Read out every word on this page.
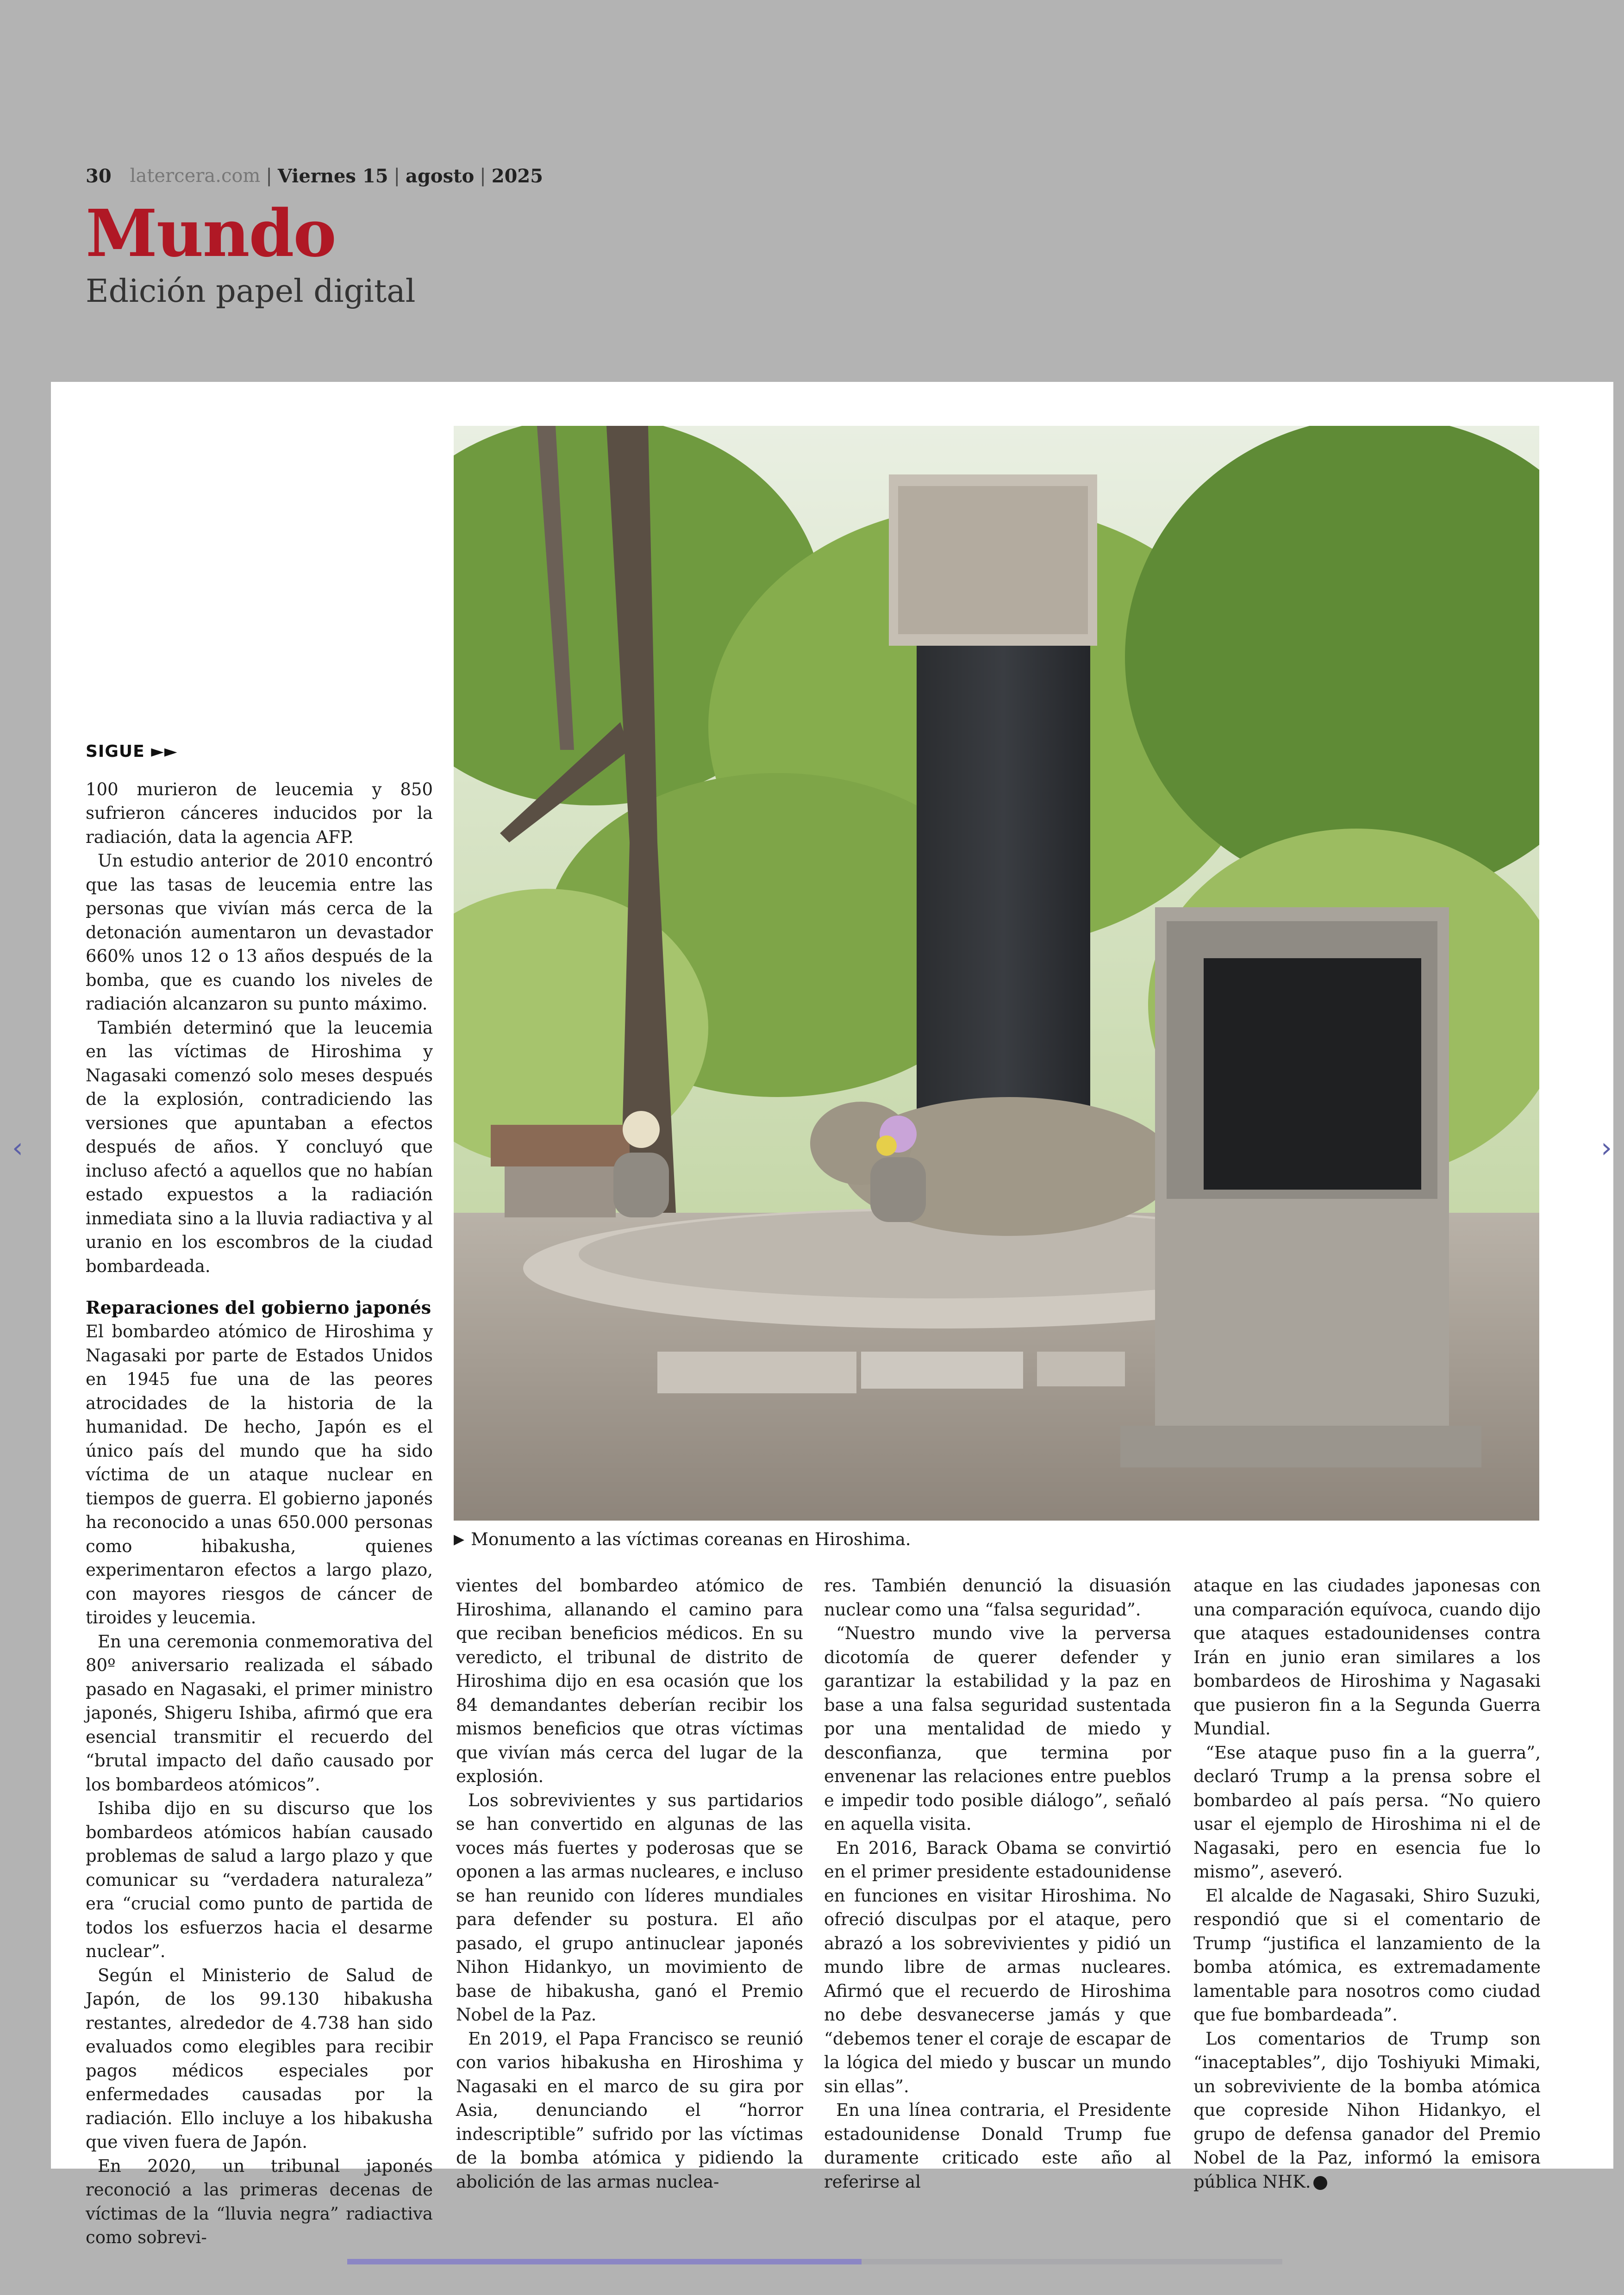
30 latercera.com | Viernes 15 | agosto | 2025
Mundo
Edición papel digital
‹	›
▶ Monumento a las víctimas coreanas en Hiroshima.
SIGUE ►►

100 murieron de leucemia y 850 sufrieron cánceres inducidos por la radiación, data la agencia AFP.

Un estudio anterior de 2010 encontró que las tasas de leucemia entre las personas que vivían más cerca de la detonación aumentaron un devastador 660% unos 12 o 13 años después de la bomba, que es cuando los niveles de radiación alcanzaron su punto máximo.

También determinó que la leucemia en las víctimas de Hiroshima y Nagasaki comenzó solo meses después de la explosión, contradiciendo las versiones que apuntaban a efectos después de años. Y concluyó que incluso afectó a aquellos que no habían estado expuestos a la radiación inmediata sino a la lluvia radiactiva y al uranio en los escombros de la ciudad bombardeada.

Reparaciones del gobierno japonés

El bombardeo atómico de Hiroshima y Nagasaki por parte de Estados Unidos en 1945 fue una de las peores atrocidades de la historia de la humanidad. De hecho, Japón es el único país del mundo que ha sido víctima de un ataque nuclear en tiempos de guerra. El gobierno japonés ha reconocido a unas 650.000 personas como hibakusha, quienes experimentaron efectos a largo plazo, con mayores riesgos de cáncer de tiroides y leucemia.

En una ceremonia conmemorativa del 80º aniversario realizada el sábado pasado en Nagasaki, el primer ministro japonés, Shigeru Ishiba, afirmó que era esencial transmitir el recuerdo del “brutal impacto del daño causado por los bombardeos atómicos”.

Ishiba dijo en su discurso que los bombardeos atómicos habían causado problemas de salud a largo plazo y que comunicar su “verdadera naturaleza” era “crucial como punto de partida de todos los esfuerzos hacia el desarme nuclear”.

Según el Ministerio de Salud de Japón, de los 99.130 hibakusha restantes, alrededor de 4.738 han sido evaluados como elegibles para recibir pagos médicos especiales por enfermedades causadas por la radiación. Ello incluye a los hibakusha que viven fuera de Japón.

En 2020, un tribunal japonés reconoció a las primeras decenas de víctimas de la “lluvia negra” radiactiva como sobrevi-

vientes del bombardeo atómico de Hiroshima, allanando el camino para que reciban beneficios médicos. En su veredicto, el tribunal de distrito de Hiroshima dijo en esa ocasión que los 84 demandantes deberían recibir los mismos beneficios que otras víctimas que vivían más cerca del lugar de la explosión.

Los sobrevivientes y sus partidarios se han convertido en algunas de las voces más fuertes y poderosas que se oponen a las armas nucleares, e incluso se han reunido con líderes mundiales para defender su postura. El año pasado, el grupo antinuclear japonés Nihon Hidankyo, un movimiento de base de hibakusha, ganó el Premio Nobel de la Paz.

En 2019, el Papa Francisco se reunió con varios hibakusha en Hiroshima y Nagasaki en el marco de su gira por Asia, denunciando el “horror indescriptible” sufrido por las víctimas de la bomba atómica y pidiendo la abolición de las armas nuclea-

res. También denunció la disuasión nuclear como una “falsa seguridad”.

“Nuestro mundo vive la perversa dicotomía de querer defender y garantizar la estabilidad y la paz en base a una falsa seguridad sustentada por una mentalidad de miedo y desconfianza, que termina por envenenar las relaciones entre pueblos e impedir todo posible diálogo”, señaló en aquella visita.

En 2016, Barack Obama se convirtió en el primer presidente estadounidense en funciones en visitar Hiroshima. No ofreció disculpas por el ataque, pero abrazó a los sobrevivientes y pidió un mundo libre de armas nucleares. Afirmó que el recuerdo de Hiroshima no debe desvanecerse jamás y que “debemos tener el coraje de escapar de la lógica del miedo y buscar un mundo sin ellas”.

En una línea contraria, el Presidente estadounidense Donald Trump fue duramente criticado este año al referirse al

ataque en las ciudades japonesas con una comparación equívoca, cuando dijo que ataques estadounidenses contra Irán en junio eran similares a los bombardeos de Hiroshima y Nagasaki que pusieron fin a la Segunda Guerra Mundial.

“Ese ataque puso fin a la guerra”, declaró Trump a la prensa sobre el bombardeo al país persa. “No quiero usar el ejemplo de Hiroshima ni el de Nagasaki, pero en esencia fue lo mismo”, aseveró.

El alcalde de Nagasaki, Shiro Suzuki, respondió que si el comentario de Trump “justifica el lanzamiento de la bomba atómica, es extremadamente lamentable para nosotros como ciudad que fue bombardeada”.

Los comentarios de Trump son “inaceptables”, dijo Toshiyuki Mimaki, un sobreviviente de la bomba atómica que copreside Nihon Hidankyo, el grupo de defensa ganador del Premio Nobel de la Paz, informó la emisora pública NHK.
